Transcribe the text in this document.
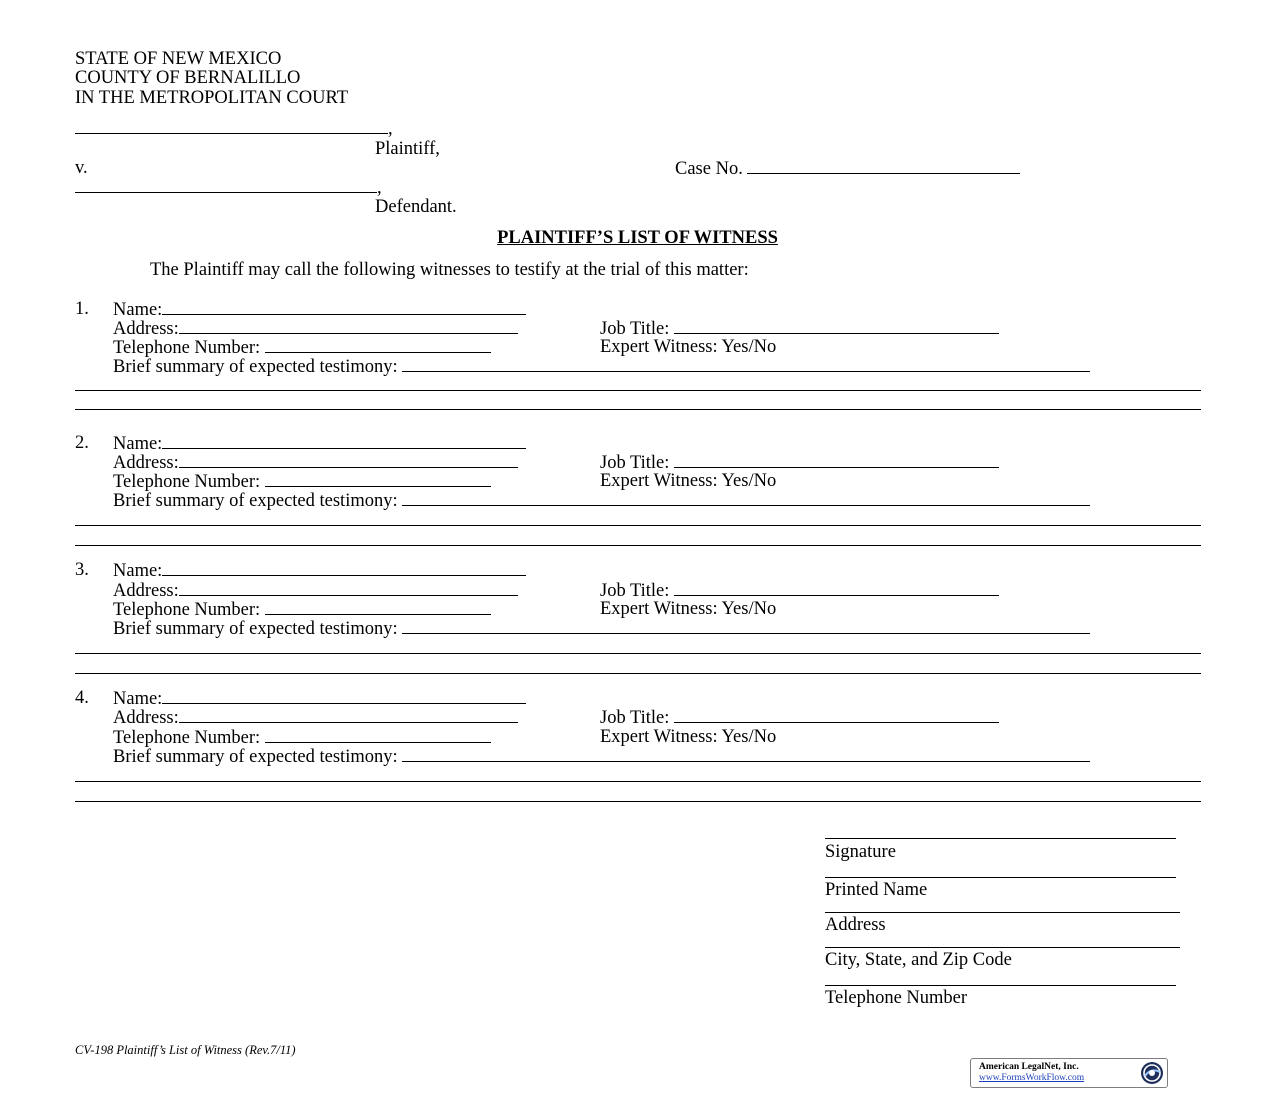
STATE OF NEW MEXICO
COUNTY OF BERNALILLO
IN THE METROPOLITAN COURT
,
Plaintiff,
v.	Case No.
,
Defendant.
PLAINTIFF’S LIST OF WITNESS
The Plaintiff may call the following witnesses to testify at the trial of this matter:
1. Name:
Address:	Job Title:
Telephone Number:	Expert Witness: Yes/No
Brief summary of expected testimony:
2. Name:
Address:	Job Title:
Telephone Number:	Expert Witness: Yes/No
Brief summary of expected testimony:
3. Name:
Address:	Job Title:
Telephone Number:	Expert Witness: Yes/No
Brief summary of expected testimony:
4. Name:
Address:	Job Title:
Telephone Number:	Expert Witness: Yes/No
Brief summary of expected testimony:
Signature
Printed Name
Address
City, State, and Zip Code
Telephone Number
CV-198 Plaintiff’s List of Witness (Rev.7/11)
American LegalNet, Inc.
www.FormsWorkFlow.com
